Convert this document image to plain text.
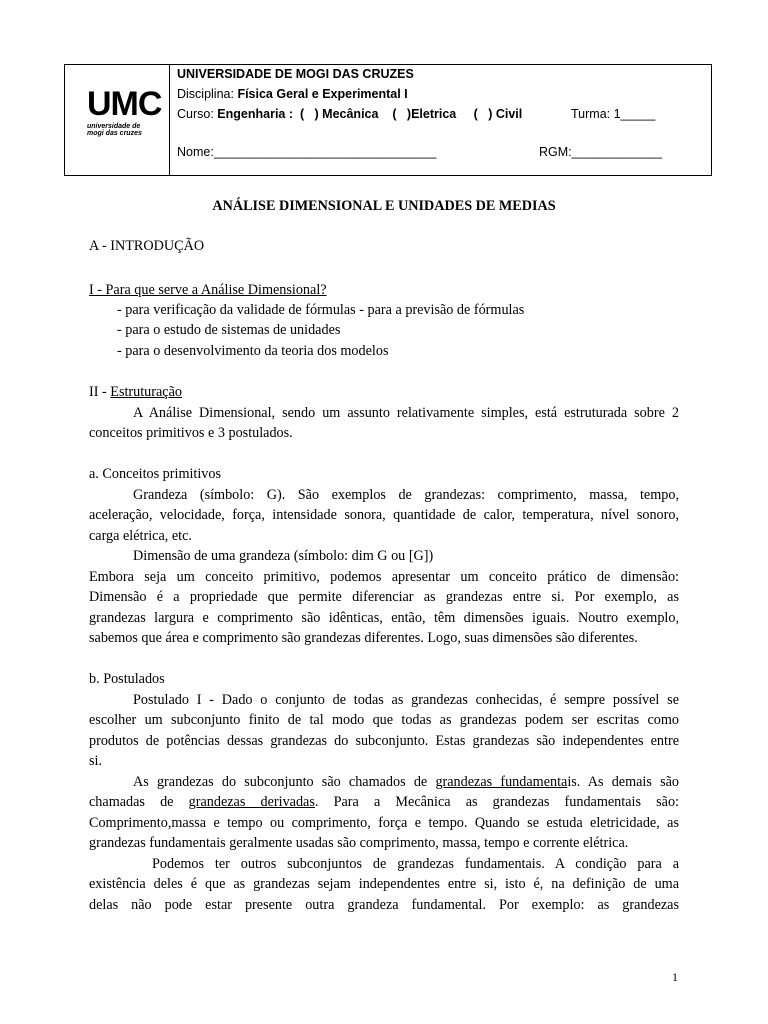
UMC
universidade de mogi das cruzes
UNIVERSIDADE DE MOGI DAS CRUZES
Disciplina: Física Geral e Experimental I
Curso: Engenharia :  (   ) Mecânica    (   )Eletrica     (   ) Civil	Turma: 1_____
Nome:________________________________	RGM:_____________
ANÁLISE DIMENSIONAL E UNIDADES DE MEDIAS
A - INTRODUÇÃO
I - Para que serve a Análise Dimensional?
- para verificação da validade de fórmulas - para a previsão de fórmulas
- para o estudo de sistemas de unidades
- para o desenvolvimento da teoria dos modelos
II - Estruturação
A Análise Dimensional, sendo um assunto relativamente simples, está estruturada sobre 2
conceitos primitivos e 3 postulados.
a. Conceitos primitivos
Grandeza (símbolo: G). São exemplos de grandezas: comprimento, massa, tempo,
aceleração, velocidade, força, intensidade sonora, quantidade de calor, temperatura, nível sonoro,
carga elétrica, etc.
Dimensão de uma grandeza (símbolo: dim G ou [G])
Embora seja um conceito primitivo, podemos apresentar um conceito prático de dimensão:
Dimensão é a propriedade que permite diferenciar as grandezas entre si. Por exemplo, as
grandezas largura e comprimento são idênticas, então, têm dimensões iguais. Noutro exemplo,
sabemos que área e comprimento são grandezas diferentes. Logo, suas dimensões são diferentes.
b. Postulados
Postulado I - Dado o conjunto de todas as grandezas conhecidas, é sempre possível se
escolher um subconjunto finito de tal modo que todas as grandezas podem ser escritas como
produtos de potências dessas grandezas do subconjunto. Estas grandezas são independentes entre
si.
As grandezas do subconjunto são chamados de grandezas fundamentais. As demais são
chamadas de grandezas derivadas. Para a Mecânica as grandezas fundamentais são:
Comprimento,massa e tempo ou comprimento, força e tempo. Quando se estuda eletricidade, as
grandezas fundamentais geralmente usadas são comprimento, massa, tempo e corrente elétrica.
Podemos ter outros subconjuntos de grandezas fundamentais. A condição para a
existência deles é que as grandezas sejam independentes entre si, isto é, na definição de uma
delas não pode estar presente outra grandeza fundamental. Por exemplo: as grandezas
1
